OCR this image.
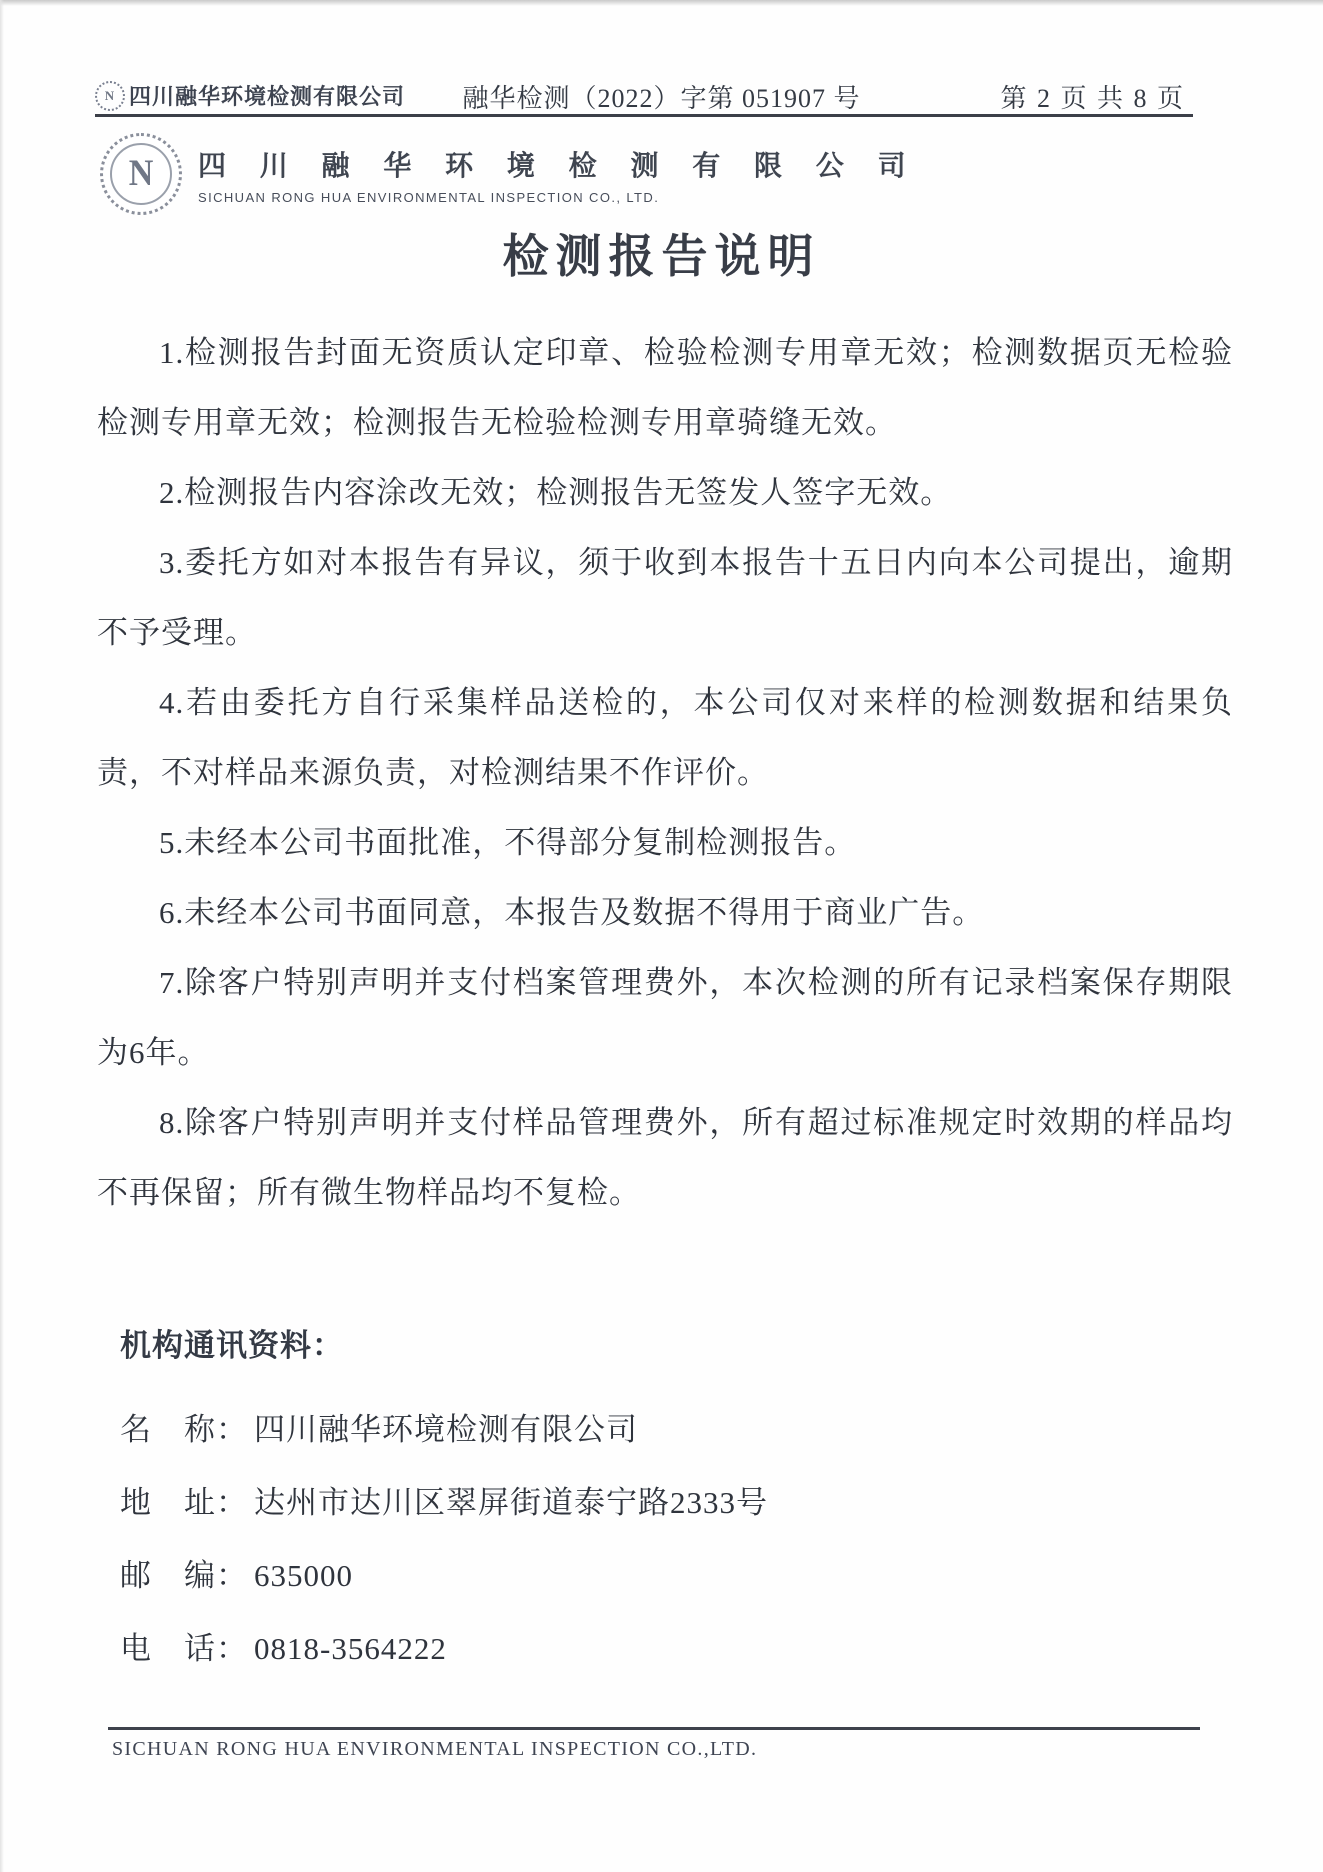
N 四川融华环境检测有限公司	融华检测（2022）字第 051907 号	第 2 页 共 8 页
N 四 川 融 华 环 境 检 测 有 限 公 司
SICHUAN RONG HUA ENVIRONMENTAL INSPECTION CO., LTD.
检测报告说明

1.检测报告封面无资质认定印章、检验检测专用章无效；检测数据页无检验检测专用章无效；检测报告无检验检测专用章骑缝无效。

2.检测报告内容涂改无效；检测报告无签发人签字无效。

3.委托方如对本报告有异议，须于收到本报告十五日内向本公司提出，逾期不予受理。

4.若由委托方自行采集样品送检的，本公司仅对来样的检测数据和结果负责，不对样品来源负责，对检测结果不作评价。

5.未经本公司书面批准，不得部分复制检测报告。

6.未经本公司书面同意，本报告及数据不得用于商业广告。

7.除客户特别声明并支付档案管理费外，本次检测的所有记录档案保存期限为6年。

8.除客户特别声明并支付样品管理费外，所有超过标准规定时效期的样品均不再保留；所有微生物样品均不复检。

机构通讯资料：
名　称： 四川融华环境检测有限公司
地　址： 达州市达川区翠屏街道泰宁路2333号
邮　编： 635000
电　话： 0818-3564222
SICHUAN RONG HUA ENVIRONMENTAL INSPECTION CO.,LTD.
